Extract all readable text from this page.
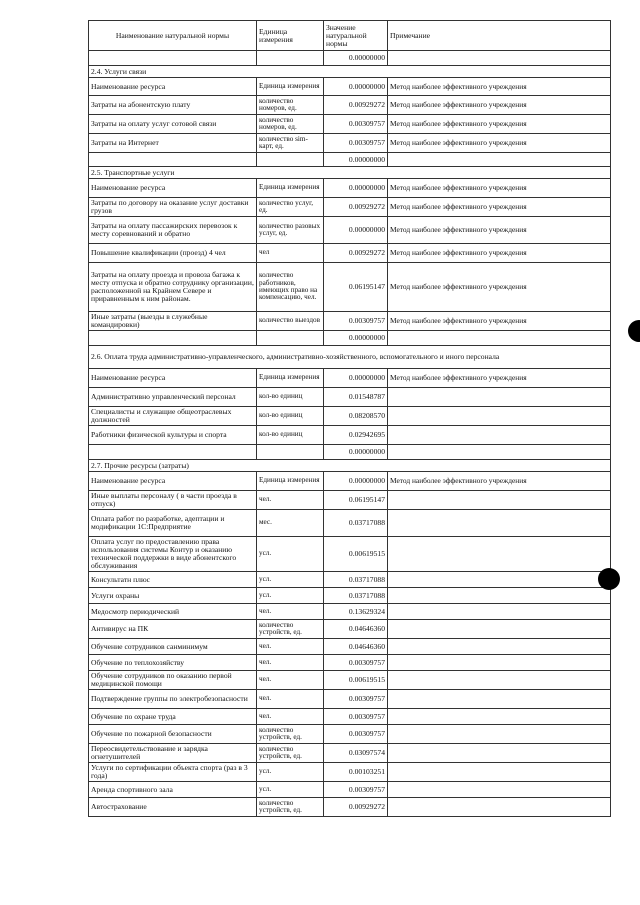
Наименование натуральной нормы	Единица измерения	Значение натуральной нормы	Примечание
		0.00000000	
2.4. Услуги связи			
Наименование ресурса	Единица измерения	0.00000000	Метод наиболее эффективного учреждения
Затраты на абонентскую плату	количество номеров, ед.	0.00929272	Метод наиболее эффективного учреждения
Затраты на оплату услуг сотовой связи	количество номеров, ед.	0.00309757	Метод наиболее эффективного учреждения
Затраты на Интернет	количество sim-карт, ед.	0.00309757	Метод наиболее эффективного учреждения
		0.00000000	
2.5. Транспортные услуги			
Наименование ресурса	Единица измерения	0.00000000	Метод наиболее эффективного учреждения
Затраты по договору на оказание услуг доставки грузов	количество услуг, ед.	0.00929272	Метод наиболее эффективного учреждения
Затраты на оплату пассажирских перевозок к месту соревнований и обратно	количество разовых услуг, ед.	0.00000000	Метод наиболее эффективного учреждения
Повышение квалификации (проезд) 4 чел	чел	0.00929272	Метод наиболее эффективного учреждения
Затраты на оплату проезда и провоза багажа к месту отпуска и обратно сотруднику организации, расположенной на Крайнем Севере и приравненным к ним районам.	количество работников, имеющих право на компенсацию, чел.	0.06195147	Метод наиболее эффективного учреждения
Иные затраты (выезды в служебные командировки)	количество выездов	0.00309757	Метод наиболее эффективного учреждения
		0.00000000	
2.6. Оплата труда административно-управленческого, административно-хозяйственного, вспомогательного и иного персонала			
Наименование ресурса	Единица измерения	0.00000000	Метод наиболее эффективного учреждения
Административно управленческий персонал	кол-во единиц	0.01548787	
Специалисты и служащие общеотраслевых должностей	кол-во единиц	0.08208570	
Работники физической культуры и спорта	кол-во единиц	0.02942695	
		0.00000000	
2.7. Прочие ресурсы (затраты)			
Наименование ресурса	Единица измерения	0.00000000	Метод наиболее эффективного учреждения
Иные выплаты персоналу ( в части проезда в отпуск)	чел.	0.06195147	
Оплата работ по разработке, адептации и модификации 1С:Предприятие	мес.	0.03717088	
Оплата услуг по предоставлению права использования системы Контур и оказанию технической поддержки в виде абонентского обслуживания	усл.	0.00619515	
Консультатн плюс	усл.	0.03717088	
Услуги охраны	усл.	0.03717088	
Медосмотр периодический	чел.	0.13629324	
Антивирус на ПК	количество устройств, ед.	0.04646360	
Обучение сотрудников санминимум	чел.	0.04646360	
Обучение по теплохозяйству	чел.	0.00309757	
Обучение сотрудников по оказанию первой медицинской помощи	чел.	0.00619515	
Подтверждение группы по электробезопасности	чел.	0.00309757	
Обучение по охране труда	чел.	0.00309757	
Обучение по пожарной безопасности	количество устройств, ед.	0.00309757	
Переосвидетельствование и зарядка огнетушителей	количество устройств, ед.	0.03097574	
Услуги по сертификации объекта спорта (раз в 3 года)	усл.	0.00103251	
Аренда спортивного зала	усл.	0.00309757	
Автострахование	количество устройств, ед.	0.00929272	
